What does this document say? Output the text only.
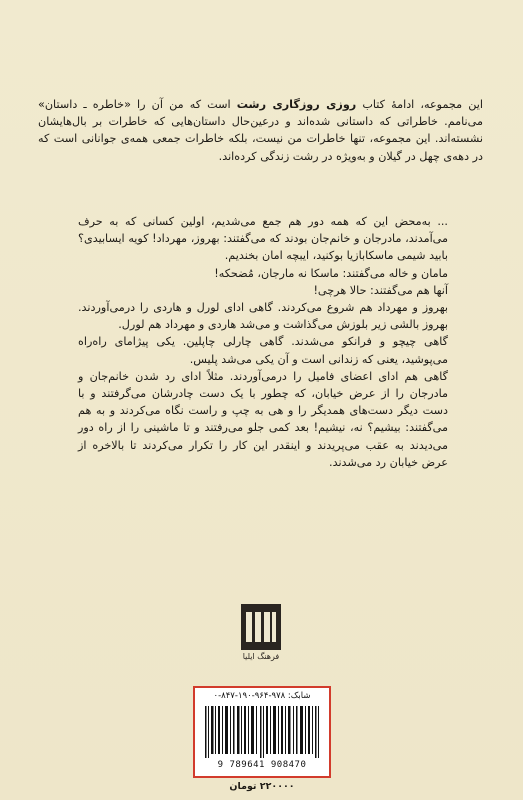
این مجموعه، ادامۀ کتاب روزی روزگاری رشت است که من آن را «خاطره ـ داستان» می‌نامم. خاطراتی که داستانی شده‌اند و درعین‌حال داستان‌هایی که خاطرات بر بال‌هایشان نشسته‌اند. این مجموعه، تنها خاطرات من نیست، بلکه خاطرات جمعی همه‌ی جوانانی است که در دهه‌ی چهل در گیلان و به‌ویژه در رشت زندگی کرده‌اند.

... به‌محض این که همه دور هم جمع می‌شدیم، اولین کسانی که به حرف می‌آمدند، مادرجان و خانم‌جان بودند که می‌گفتند: بهروز، مهرداد! کویه ایسابیدی؟ بابید شیمی ماسکابازیا بوکنید، ایبچه امان بخندیم.

مامان و خاله می‌گفتند: ماسکا نه مارجان، مُضحکه!

آنها هم می‌گفتند: حالا هرچی!

بهروز و مهرداد هم شروع می‌کردند. گاهی ادای لورل و هاردی را درمی‌آوردند. بهروز بالشی زیر بلوزش می‌گذاشت و می‌شد هاردی و مهرداد هم لورل.

گاهی چیچو و فرانکو می‌شدند. گاهی چارلی چاپلین. یکی پیژامای راه‌راه می‌پوشید، یعنی که زندانی است و آن یکی می‌شد پلیس.

گاهی هم ادای اعضای فامیل را درمی‌آوردند. مثلاً ادای رد شدن خانم‌جان و مادرجان را از عرض خیابان، که چطور با یک دست چادرشان می‌گرفتند و با دست دیگر دست‌های همدیگر را و هی به چپ و راست نگاه می‌کردند و به هم می‌گفتند: بیشیم؟ نه، نیشیم! بعد کمی جلو می‌رفتند و تا ماشینی را از راه دور می‌دیدند به عقب می‌پریدند و اینقدر این کار را تکرار می‌کردند تا بالاخره از عرض خیابان رد می‌شدند.

فرهنگ ایلیا
شابک: ۹۷۸-۹۶۴-۱۹۰-۸۴۷-۰
9 789641 908470
۲۲۰۰۰۰ تومان
